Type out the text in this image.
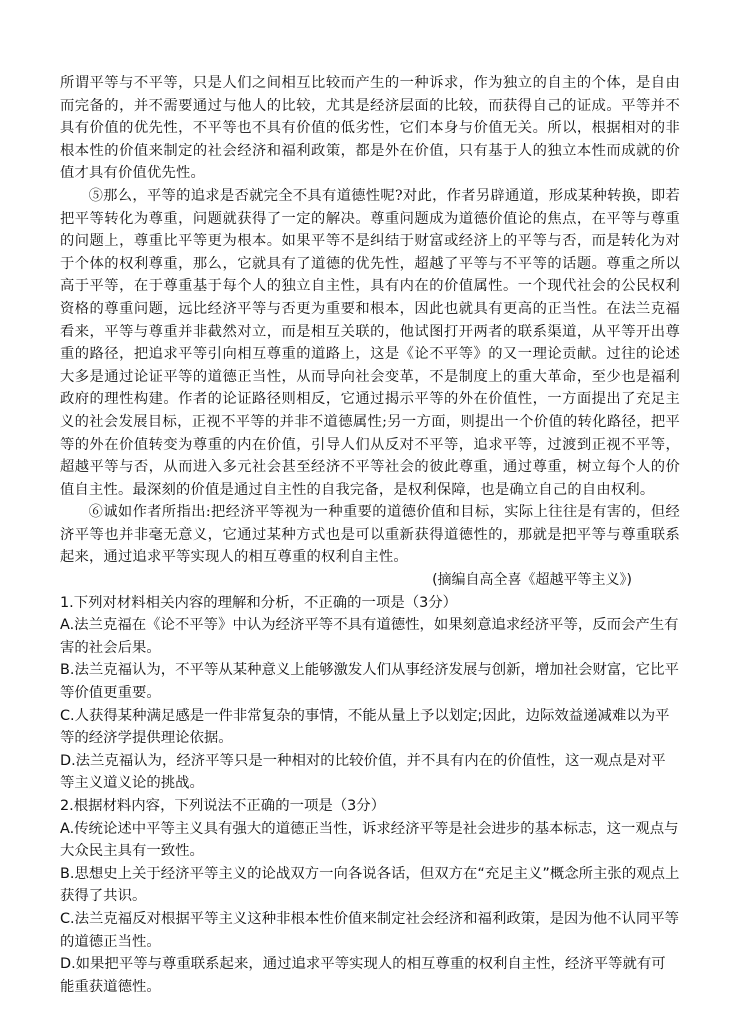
所谓平等与不平等，只是人们之间相互比较而产生的一种诉求，作为独立的自主的个体，是自由而完备的，并不需要通过与他人的比较，尤其是经济层面的比较，而获得自己的证成。平等并不具有价值的优先性，不平等也不具有价值的低劣性，它们本身与价值无关。所以，根据相对的非根本性的价值来制定的社会经济和福利政策，都是外在价值，只有基于人的独立本性而成就的价值才具有价值优先性。

⑤那么，平等的追求是否就完全不具有道德性呢?对此，作者另辟通道，形成某种转换，即若把平等转化为尊重，问题就获得了一定的解决。尊重问题成为道德价值论的焦点，在平等与尊重的问题上，尊重比平等更为根本。如果平等不是纠结于财富或经济上的平等与否，而是转化为对于个体的权利尊重，那么，它就具有了道德的优先性，超越了平等与不平等的话题。尊重之所以高于平等，在于尊重基于每个人的独立自主性，具有内在的价值属性。一个现代社会的公民权利资格的尊重问题，远比经济平等与否更为重要和根本，因此也就具有更高的正当性。在法兰克福看来，平等与尊重并非截然对立，而是相互关联的，他试图打开两者的联系渠道，从平等开出尊重的路径，把追求平等引向相互尊重的道路上，这是《论不平等》的又一理论贡献。过往的论述大多是通过论证平等的道德正当性，从而导向社会变革，不是制度上的重大革命，至少也是福利政府的理性构建。作者的论证路径则相反，它通过揭示平等的外在价值性，一方面提出了充足主义的社会发展目标，正视不平等的并非不道德属性;另一方面，则提出一个价值的转化路径，把平等的外在价值转变为尊重的内在价值，引导人们从反对不平等，追求平等，过渡到正视不平等，超越平等与否，从而进入多元社会甚至经济不平等社会的彼此尊重，通过尊重，树立每个人的价值自主性。最深刻的价值是通过自主性的自我完备，是权利保障，也是确立自己的自由权利。

⑥诚如作者所指出:把经济平等视为一种重要的道德价值和目标，实际上往往是有害的，但经济平等也并非毫无意义，它通过某种方式也是可以重新获得道德性的，那就是把平等与尊重联系起来，通过追求平等实现人的相互尊重的权利自主性。

(摘编自高全喜《超越平等主义》)

1.下列对材料相关内容的理解和分析，不正确的一项是（3分）

A.法兰克福在《论不平等》中认为经济平等不具有道德性，如果刻意追求经济平等，反而会产生有害的社会后果。

B.法兰克福认为，不平等从某种意义上能够激发人们从事经济发展与创新，增加社会财富，它比平等价值更重要。

C.人获得某种满足感是一件非常复杂的事情，不能从量上予以划定;因此，边际效益递减难以为平等的经济学提供理论依据。

D.法兰克福认为，经济平等只是一种相对的比较价值，并不具有内在的价值性，这一观点是对平等主义道义论的挑战。

2.根据材料内容，下列说法不正确的一项是（3分）

A.传统论述中平等主义具有强大的道德正当性，诉求经济平等是社会进步的基本标志，这一观点与大众民主具有一致性。

B.思想史上关于经济平等主义的论战双方一向各说各话，但双方在“充足主义”概念所主张的观点上获得了共识。

C.法兰克福反对根据平等主义这种非根本性价值来制定社会经济和福利政策，是因为他不认同平等的道德正当性。

D.如果把平等与尊重联系起来，通过追求平等实现人的相互尊重的权利自主性，经济平等就有可能重获道德性。
